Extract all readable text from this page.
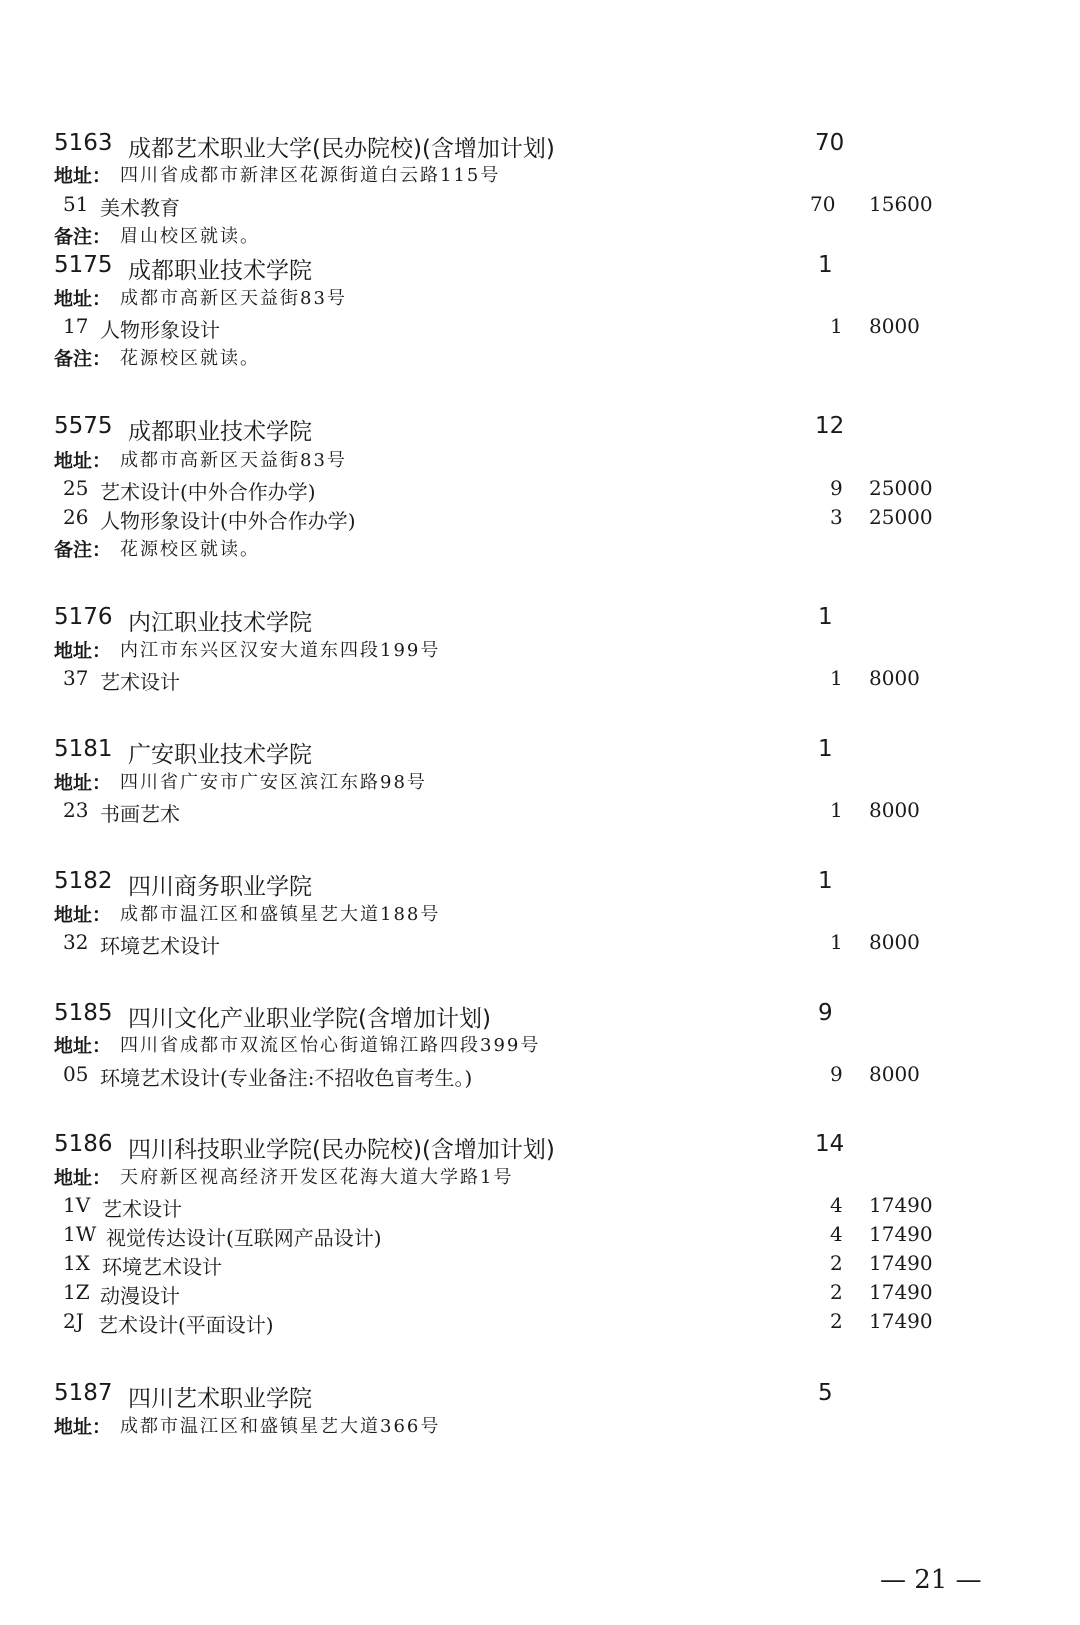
5163 成都艺术职业大学(民办院校)(含增加计划)	70
地址： 四川省成都市新津区花源街道白云路115号
51 美术教育	70 15600
备注： 眉山校区就读。
5175 成都职业技术学院	1
地址： 成都市高新区天益街83号
17 人物形象设计	1 8000
备注： 花源校区就读。
5575 成都职业技术学院	12
地址： 成都市高新区天益街83号
25 艺术设计(中外合作办学)	9 25000
26 人物形象设计(中外合作办学)	3 25000
备注： 花源校区就读。
5176 内江职业技术学院	1
地址： 内江市东兴区汉安大道东四段199号
37 艺术设计	1 8000
5181 广安职业技术学院	1
地址： 四川省广安市广安区滨江东路98号
23 书画艺术	1 8000
5182 四川商务职业学院	1
地址： 成都市温江区和盛镇星艺大道188号
32 环境艺术设计	1 8000
5185 四川文化产业职业学院(含增加计划)	9
地址： 四川省成都市双流区怡心街道锦江路四段399号
05 环境艺术设计(专业备注:不招收色盲考生。)	9 8000
5186 四川科技职业学院(民办院校)(含增加计划)	14
地址： 天府新区视高经济开发区花海大道大学路1号
1V 艺术设计	4 17490
1W 视觉传达设计(互联网产品设计)	4 17490
1X 环境艺术设计	2 17490
1Z 动漫设计	2 17490
2J 艺术设计(平面设计)	2 17490
5187 四川艺术职业学院	5
地址： 成都市温江区和盛镇星艺大道366号
— 21 —
